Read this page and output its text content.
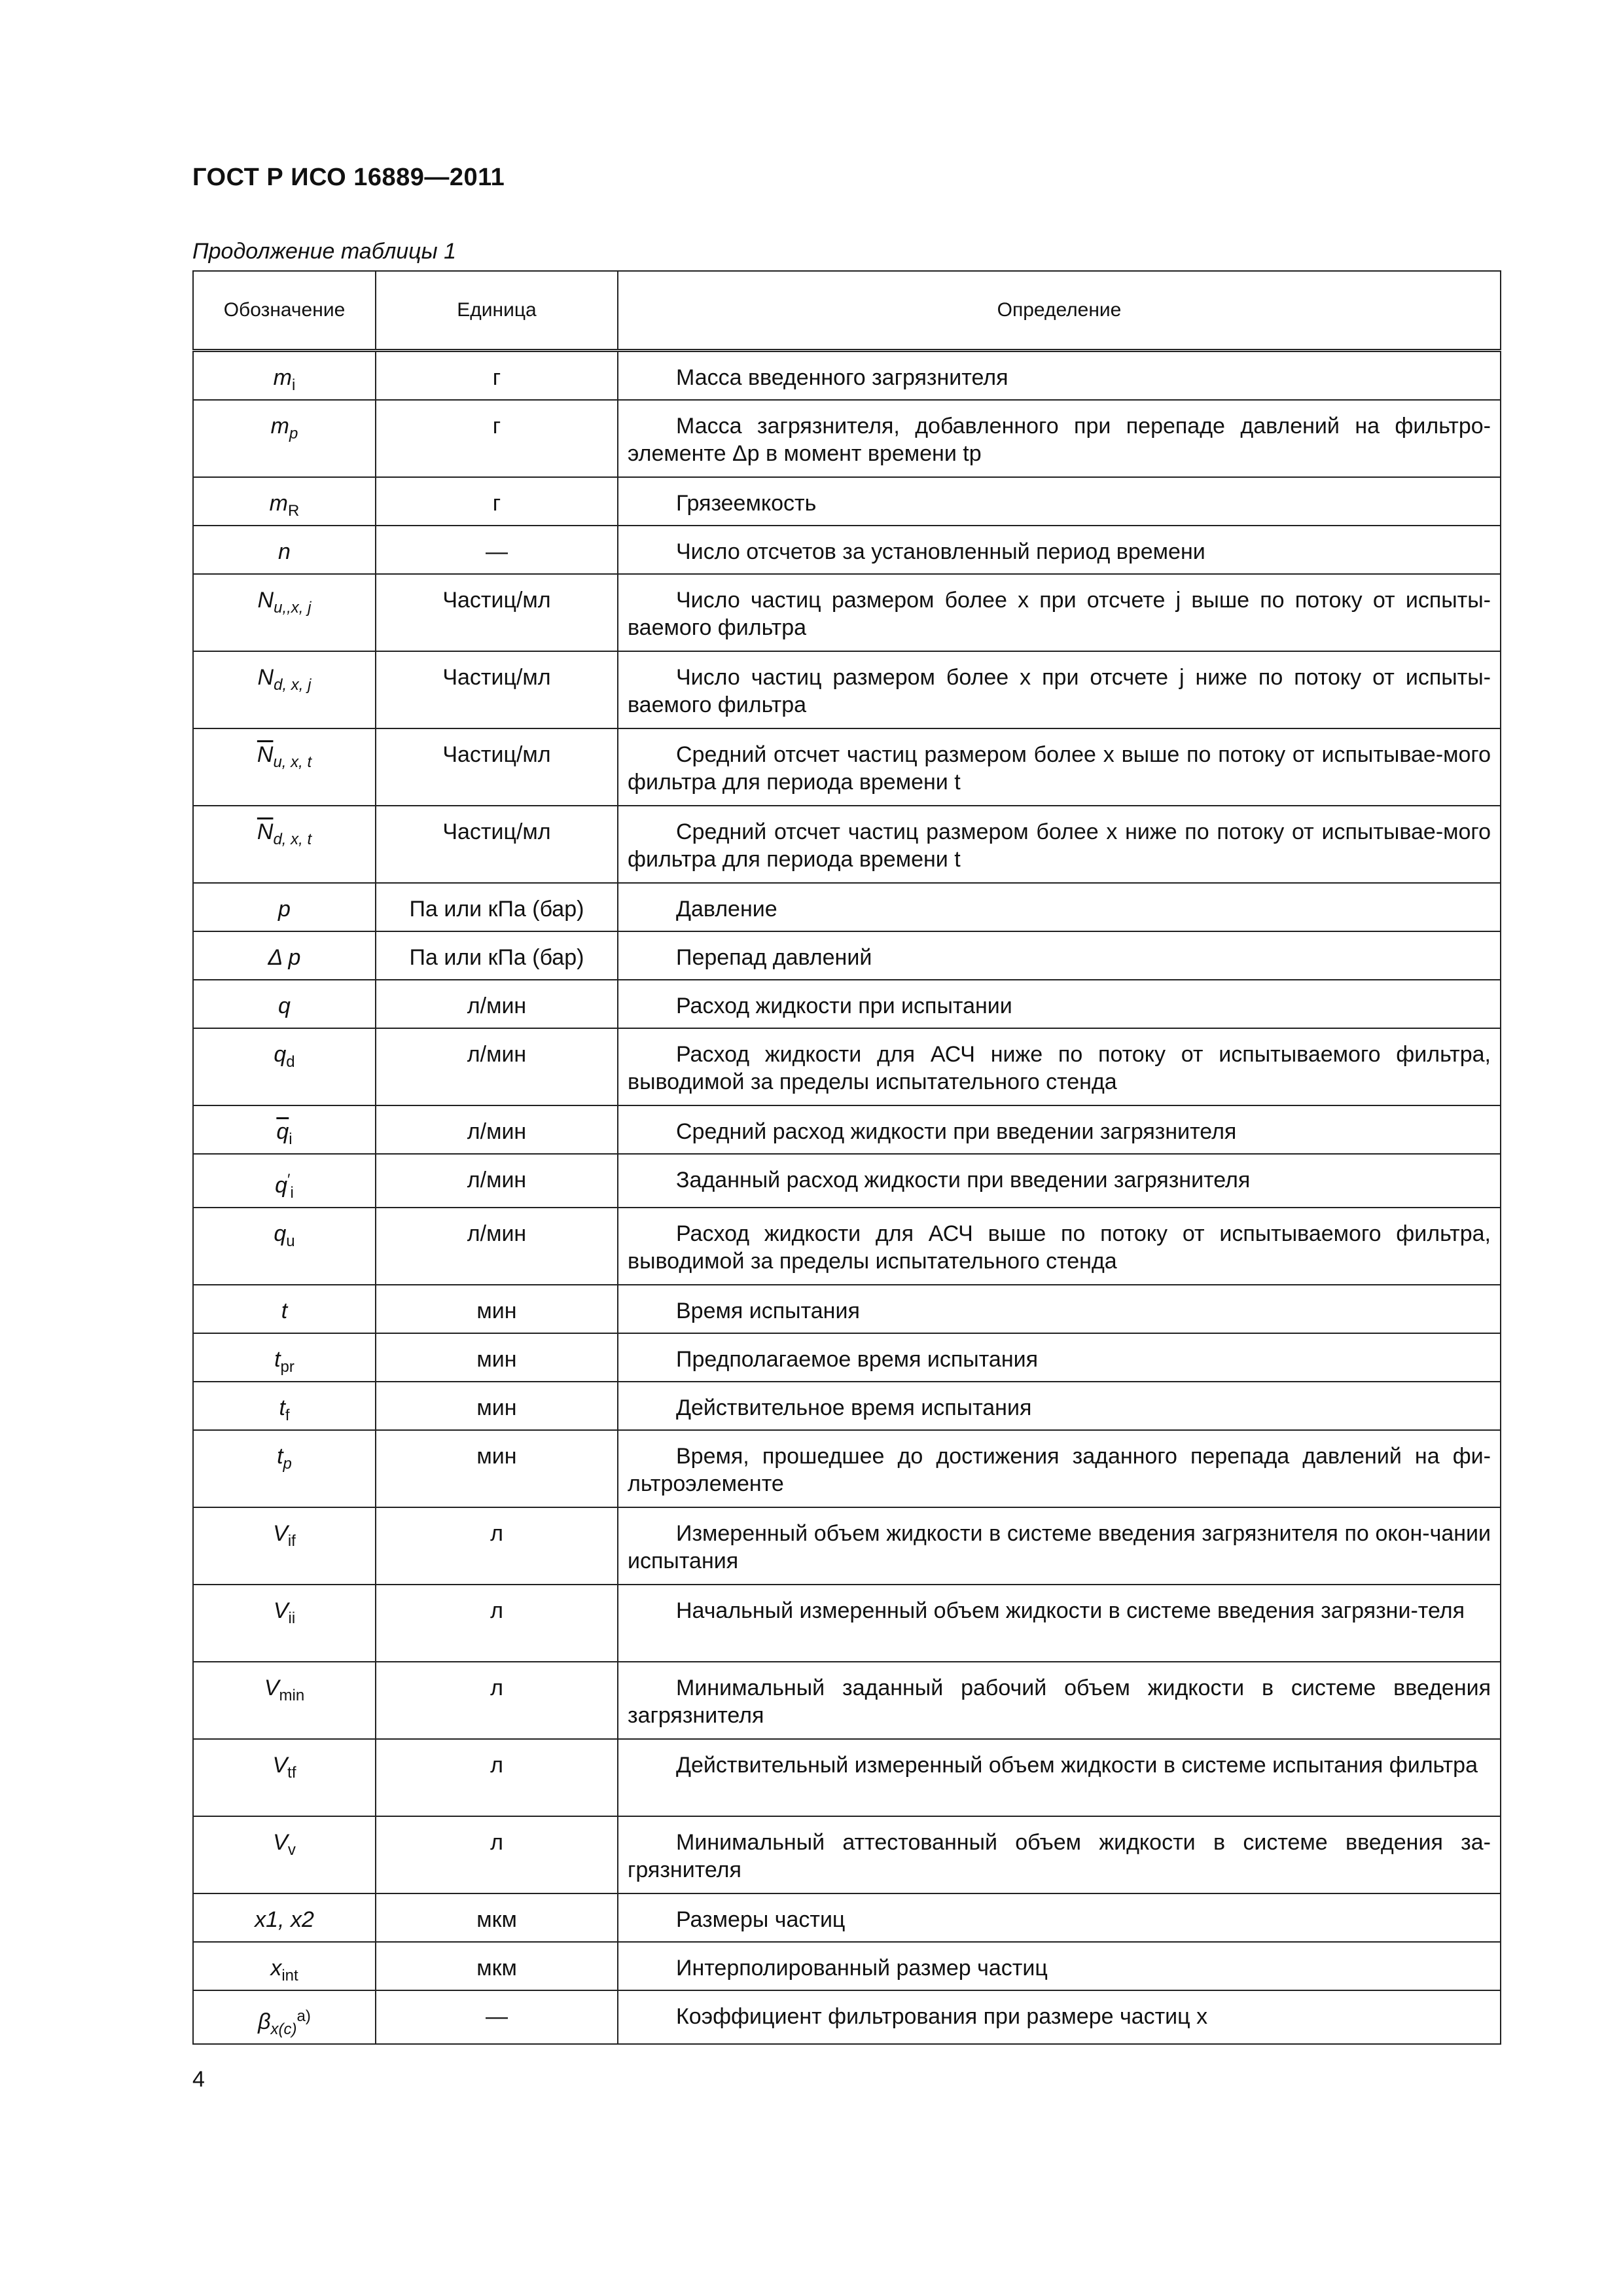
ГОСТ Р ИСО 16889—2011
Продолжение таблицы 1
Обозначение	Единица	Определение
$m_i$	г	Масса введенного загрязнителя

$m_p$	г	Масса загрязнителя, добавленного при перепаде давлений на фильтро-элементе Δp в момент времени tp

$m_R$	г	Грязеемкость

n	—	Число отсчетов за установленный период времени

$N_{u,,x, j}$	Частиц/мл	Число частиц размером более x при отсчете j выше по потоку от испыты-ваемого фильтра

$N_{d, x, j}$	Частиц/мл	Число частиц размером более x при отсчете j ниже по потоку от испыты-ваемого фильтра

$\overline{N}_{u, x, t}$	Частиц/мл	Средний отсчет частиц размером более x выше по потоку от испытывае-мого фильтра для периода времени t

$\overline{N}_{d, x, t}$	Частиц/мл	Средний отсчет частиц размером более x ниже по потоку от испытывае-мого фильтра для периода времени t

p	Па или кПа (бар)	Давление

Δ p	Па или кПа (бар)	Перепад давлений

q	л/мин	Расход жидкости при испытании

$q_d$	л/мин	Расход жидкости для АСЧ ниже по потоку от испытываемого фильтра, выводимой за пределы испытательного стенда

$\overline{q}_i$	л/мин	Средний расход жидкости при введении загрязнителя

$q'_i$	л/мин	Заданный расход жидкости при введении загрязнителя

$q_u$	л/мин	Расход жидкости для АСЧ выше по потоку от испытываемого фильтра, выводимой за пределы испытательного стенда

t	мин	Время испытания

$t_{pr}$	мин	Предполагаемое время испытания

$t_f$	мин	Действительное время испытания

$t_p$	мин	Время, прошедшее до достижения заданного перепада давлений на фи-льтроэлементе

$V_{if}$	л	Измеренный объем жидкости в системе введения загрязнителя по окон-чании испытания

$V_{ii}$	л	Начальный измеренный объем жидкости в системе введения загрязни-теля

$V_{min}$	л	Минимальный заданный рабочий объем жидкости в системе введения загрязнителя

$V_{tf}$	л	Действительный измеренный объем жидкости в системе испытания фильтра

$V_v$	л	Минимальный аттестованный объем жидкости в системе введения за-грязнителя

x1, x2	мкм	Размеры частиц

$x_{int}$	мкм	Интерполированный размер частиц

$\beta_{x(c)}^{а)}$	—	Коэффициент фильтрования при размере частиц x
4
